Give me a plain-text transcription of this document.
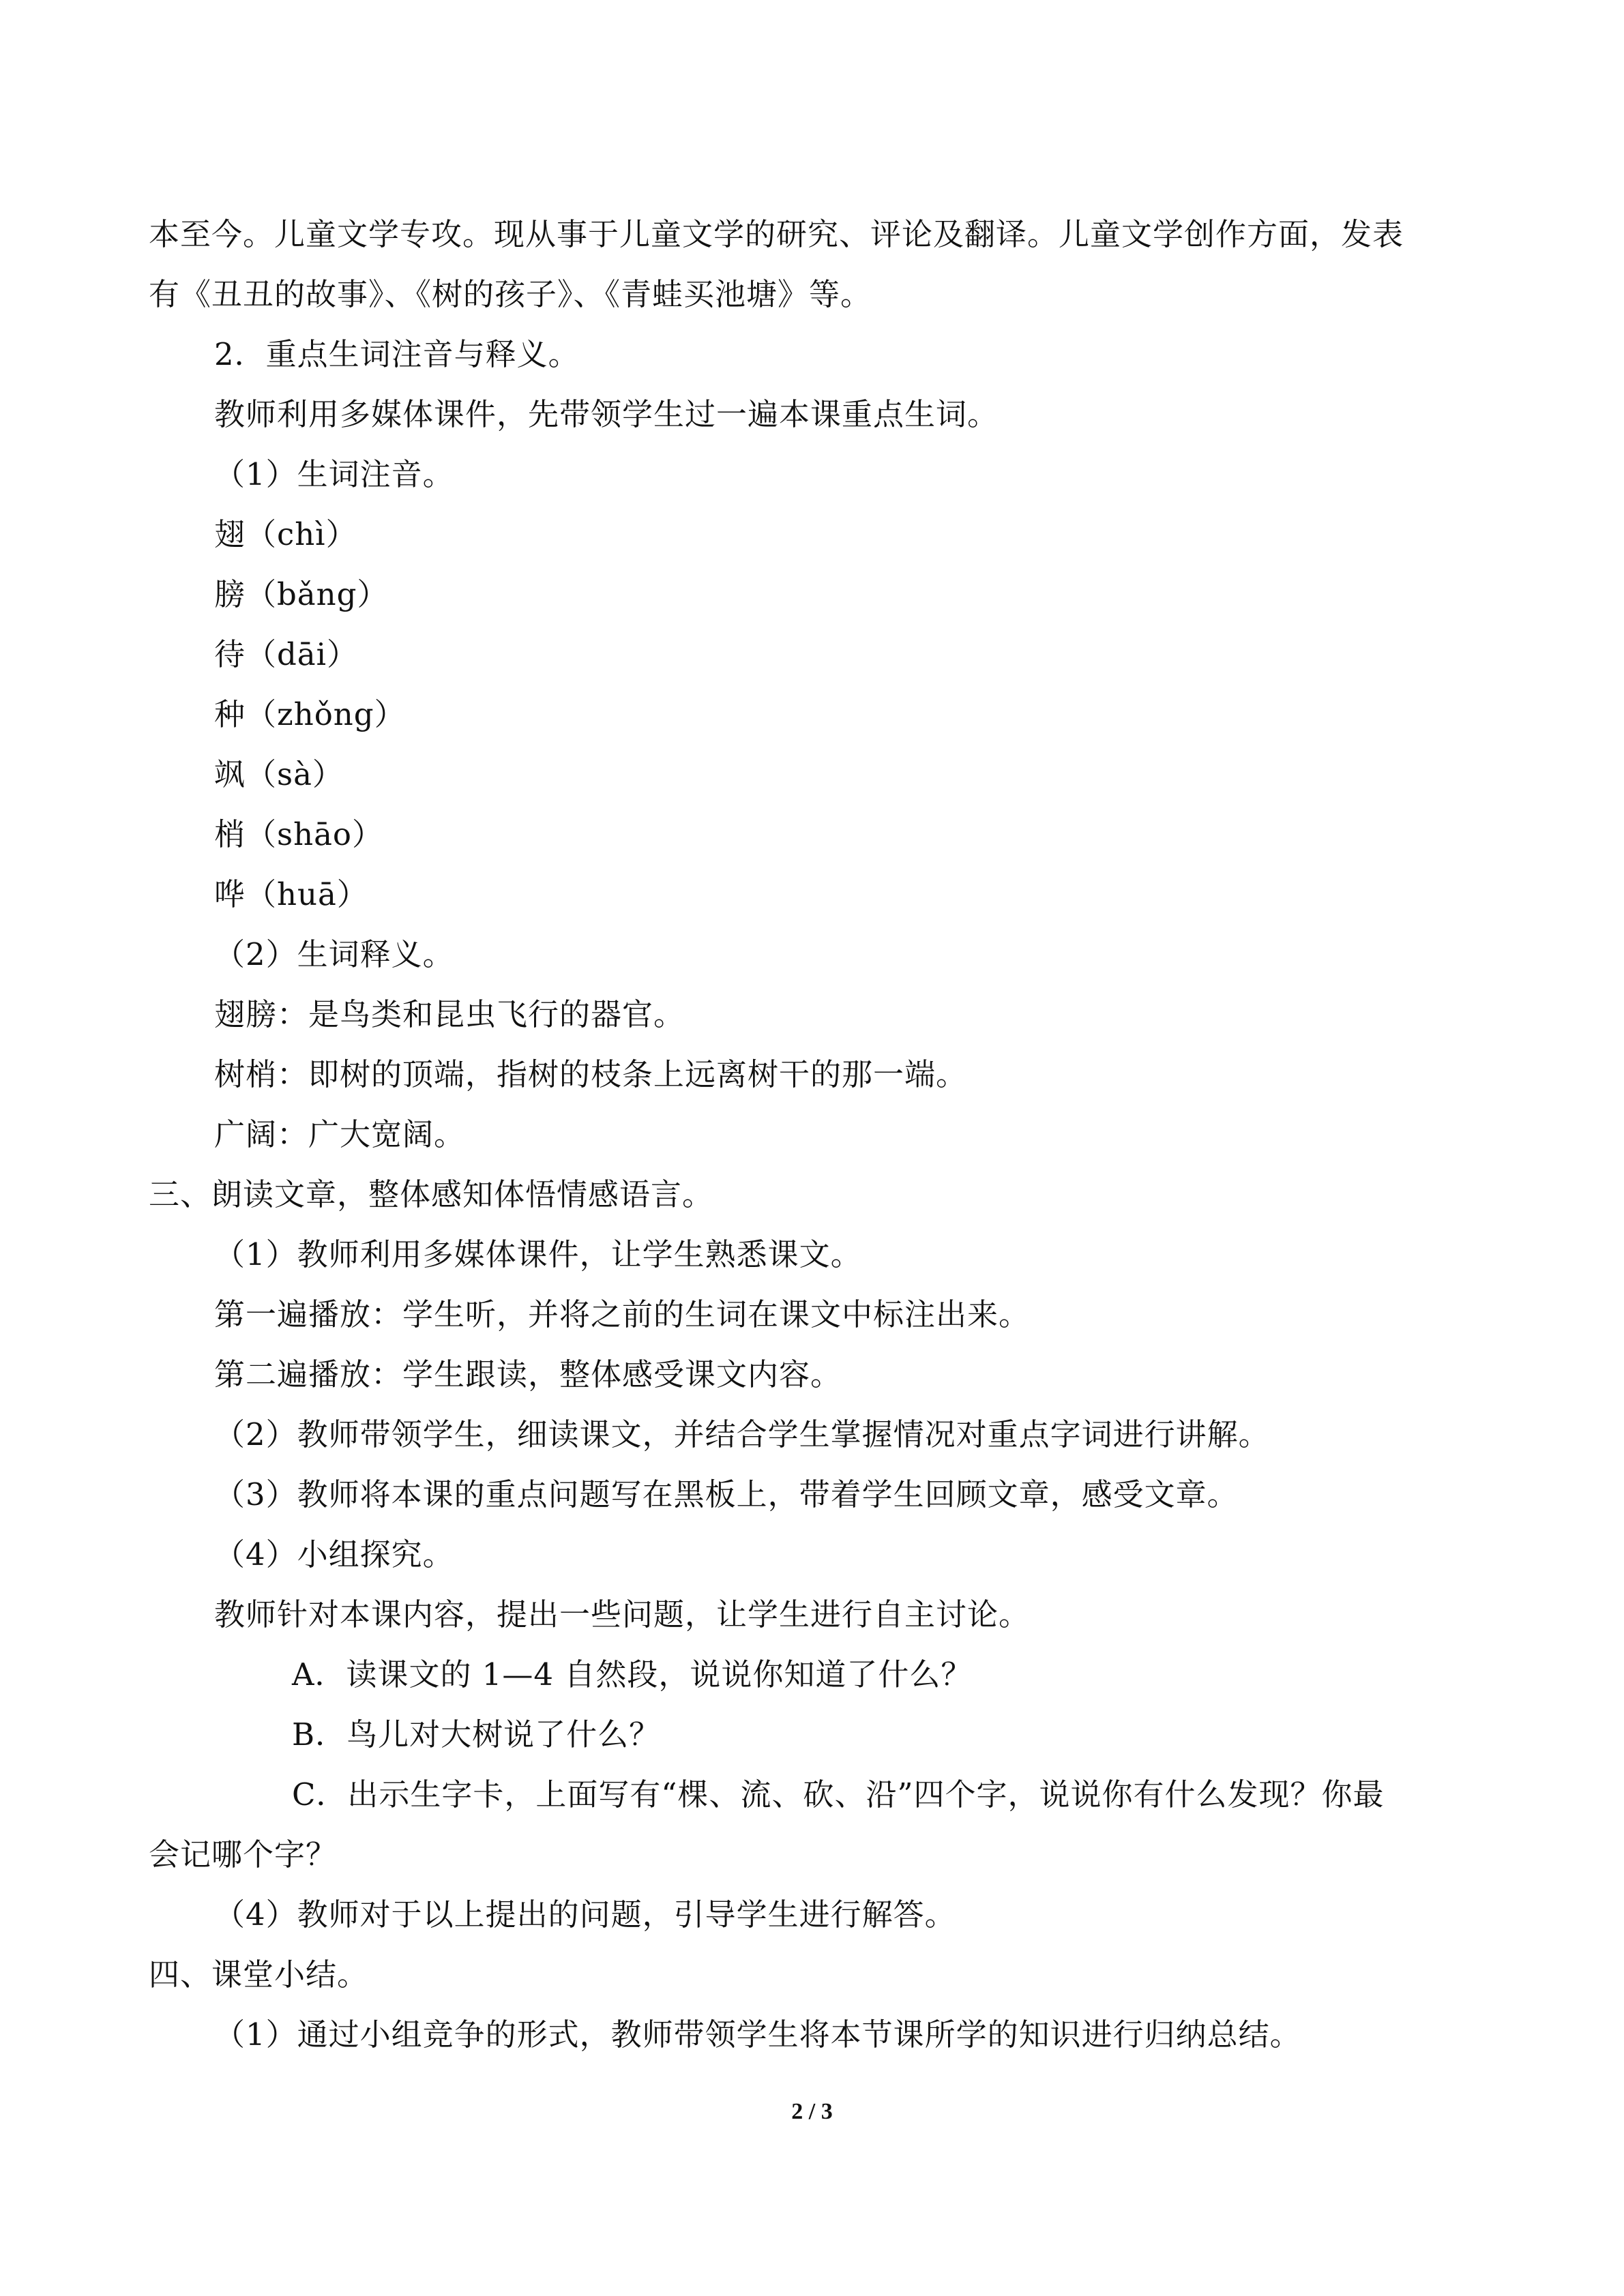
本至今。儿童文学专攻。现从事于儿童文学的研究、评论及翻译。儿童文学创作方面，发表
有《丑丑的故事》、《树的孩子》、《青蛙买池塘》等。
2．重点生词注音与释义。
教师利用多媒体课件，先带领学生过一遍本课重点生词。
（1）生词注音。
翅（chì）
膀（bǎng）
待（dāi）
种（zhǒng）
飒（sà）
梢（shāo）
哗（huā）
（2）生词释义。
翅膀：是鸟类和昆虫飞行的器官。
树梢：即树的顶端，指树的枝条上远离树干的那一端。
广阔：广大宽阔。
三、朗读文章，整体感知体悟情感语言。
（1）教师利用多媒体课件，让学生熟悉课文。
第一遍播放：学生听，并将之前的生词在课文中标注出来。
第二遍播放：学生跟读，整体感受课文内容。
（2）教师带领学生，细读课文，并结合学生掌握情况对重点字词进行讲解。
（3）教师将本课的重点问题写在黑板上，带着学生回顾文章，感受文章。
（4）小组探究。
教师针对本课内容，提出一些问题，让学生进行自主讨论。
A．读课文的 1—4 自然段，说说你知道了什么？
B．鸟儿对大树说了什么？
C．出示生字卡，上面写有“棵、流、砍、沿”四个字，说说你有什么发现？你最
会记哪个字？
（4）教师对于以上提出的问题，引导学生进行解答。
四、课堂小结。
（1）通过小组竞争的形式，教师带领学生将本节课所学的知识进行归纳总结。
2 / 3
